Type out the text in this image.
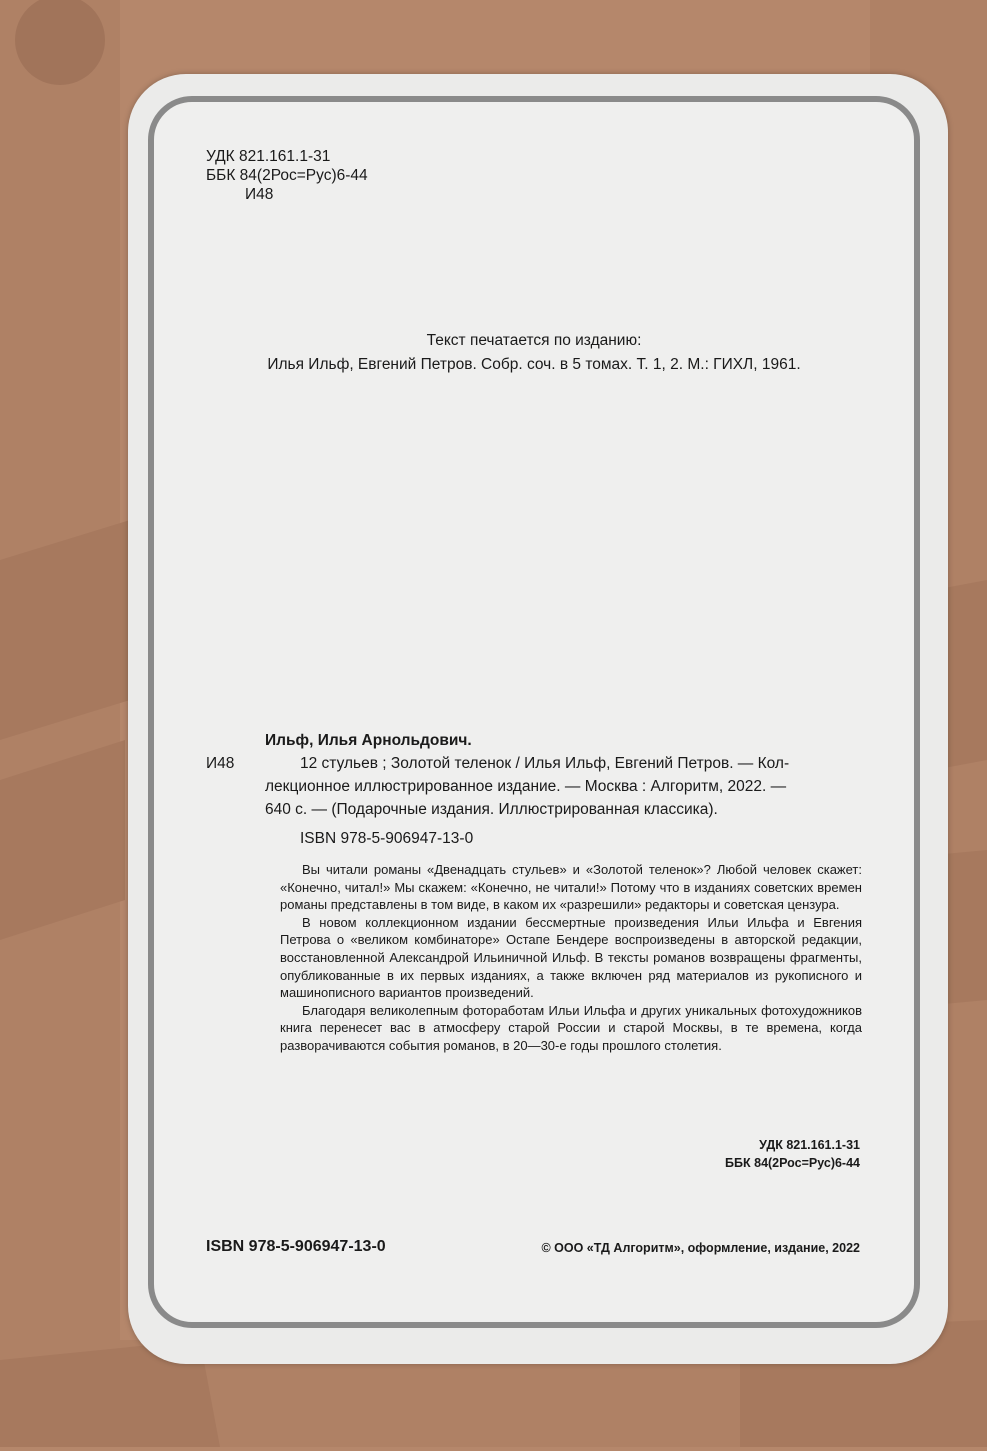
УДК 821.161.1-31
ББК 84(2Рос=Рус)6-44
И48
Текст печатается по изданию:
Илья Ильф, Евгений Петров. Собр. соч. в 5 томах. Т. 1, 2. М.: ГИХЛ, 1961.
Ильф, Илья Арнольдович.
И48	12 стульев ; Золотой теленок / Илья Ильф, Евгений Петров. — Кол-
лекционное иллюстрированное издание. — Москва : Алгоритм, 2022. —
640 с. — (Подарочные издания. Иллюстрированная классика).
ISBN 978-5-906947-13-0

Вы читали романы «Двенадцать стульев» и «Золотой теленок»? Любой человек скажет: «Конечно, читал!» Мы скажем: «Конечно, не читали!» Потому что в изданиях советских времен романы представлены в том виде, в каком их «разрешили» редакторы и советская цензура.

В новом коллекционном издании бессмертные произведения Ильи Ильфа и Евгения Петрова о «великом комбинаторе» Остапе Бендере воспроизведены в авторской редакции, восстановленной Александрой Ильиничной Ильф. В тексты романов возвращены фрагменты, опубликованные в их первых изданиях, а также включен ряд материалов из рукописного и машинописного вариантов произведений.

Благодаря великолепным фотоработам Ильи Ильфа и других уникальных фотохудожников книга перенесет вас в атмосферу старой России и старой Москвы, в те времена, когда разворачиваются события романов, в 20—30-е годы прошлого столетия.

УДК 821.161.1-31
ББК 84(2Рос=Рус)6-44
ISBN 978-5-906947-13-0	© ООО «ТД Алгоритм», оформление, издание, 2022
